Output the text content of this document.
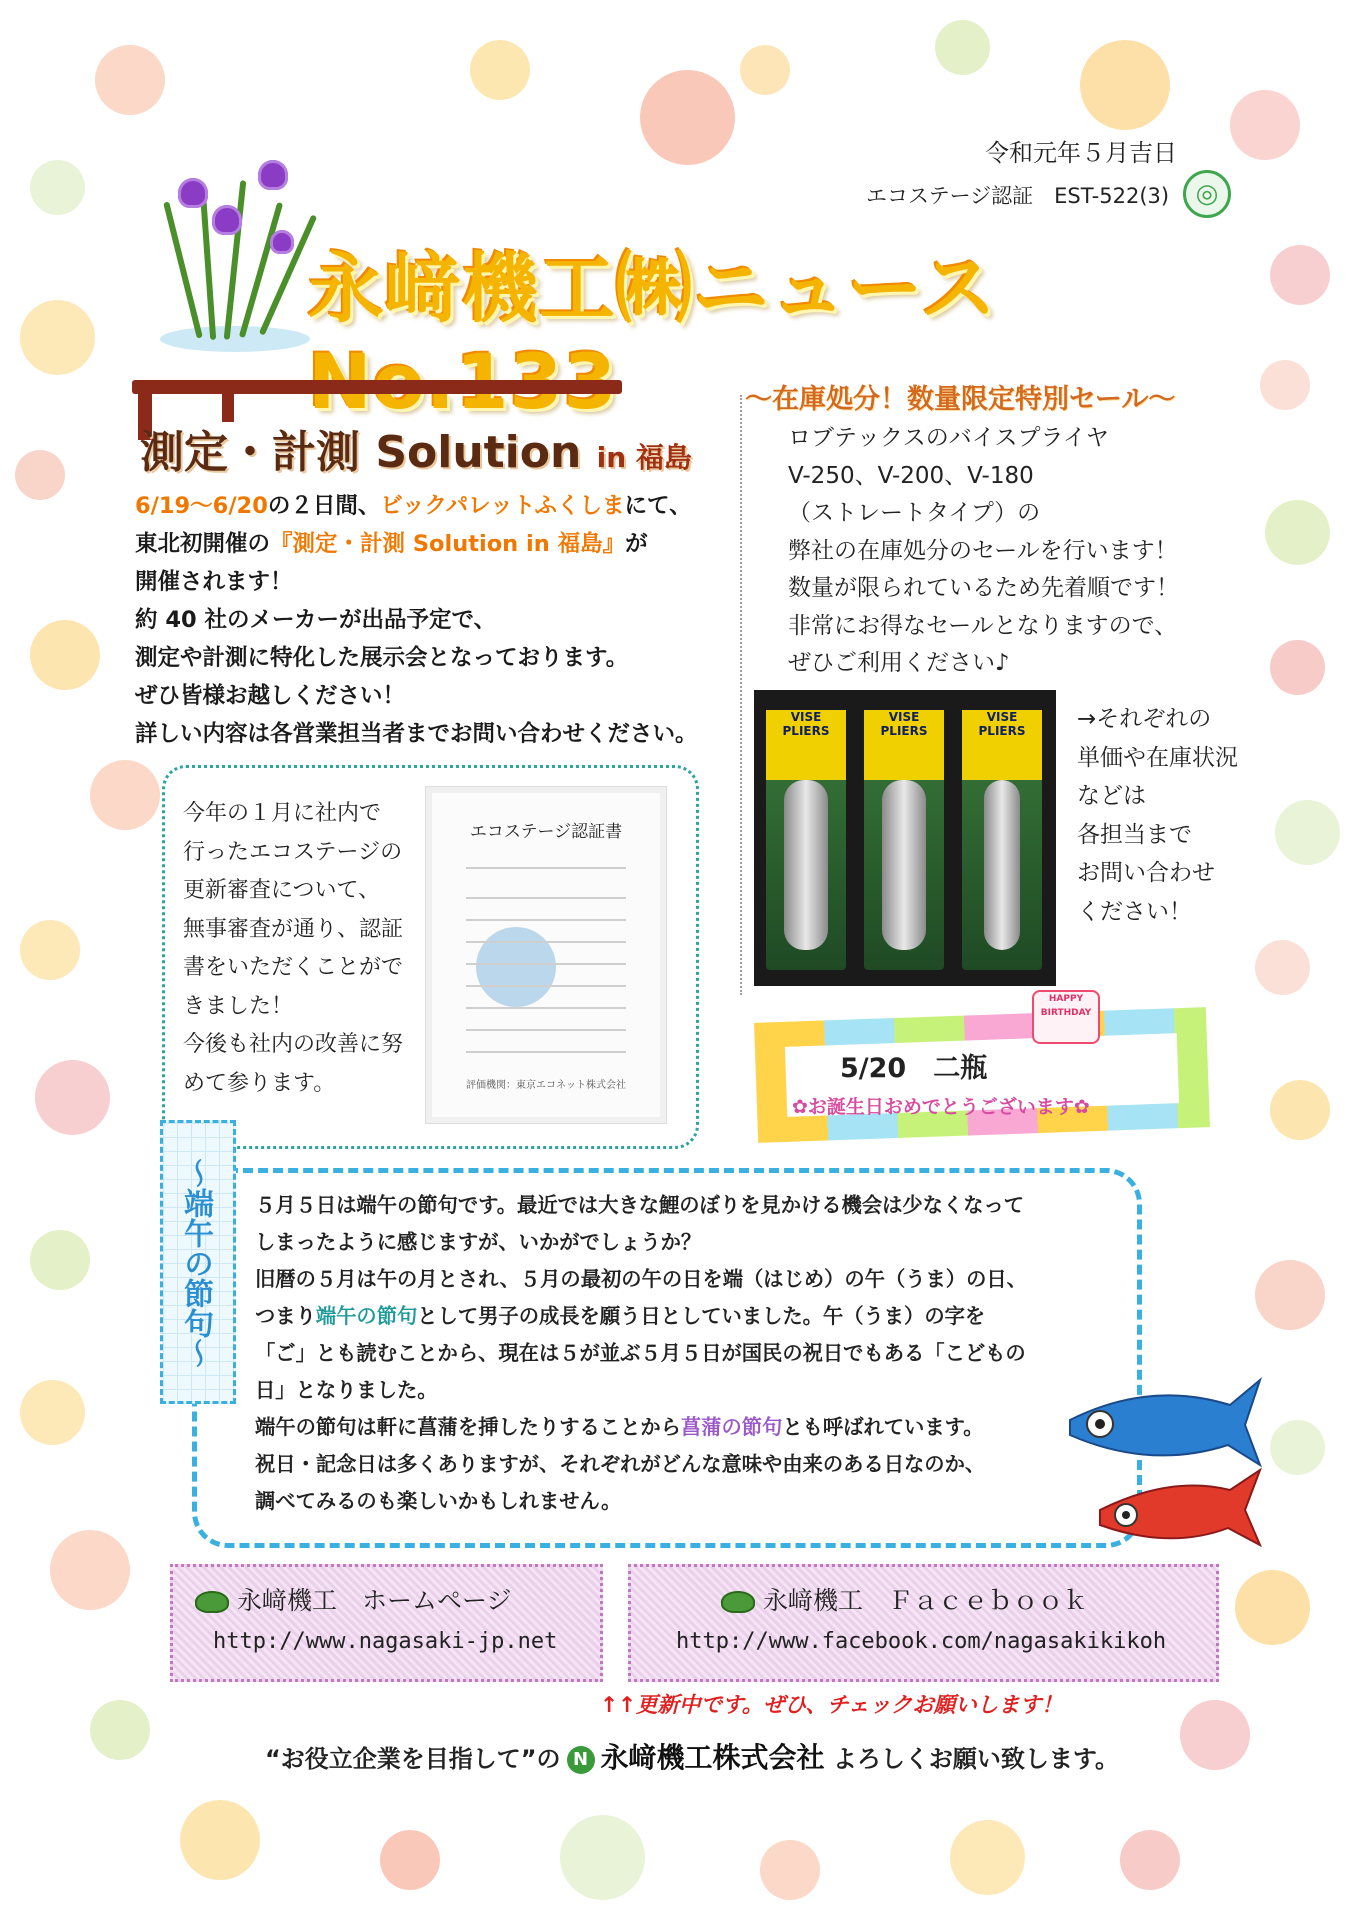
令和元年５月吉日
エコステージ認証　EST-522(3)	◎
永﨑機工㈱ニュース　
測定・計測 Solution in 福島
6/19～6/20の２日間、ビックパレットふくしまにて、
東北初開催の『測定・計測 Solution in 福島』が
開催されます！
約 40 社のメーカーが出品予定で、
測定や計測に特化した展示会となっております。
ぜひ皆様お越しください！
詳しい内容は各営業担当者までお問い合わせください。
～在庫処分！数量限定特別セール～
ロブテックスのバイスプライヤ
V-250、V-200、V-180
（ストレートタイプ）の
弊社の在庫処分のセールを行います！
数量が限られているため先着順です！
非常にお得なセールとなりますので、
ぜひご利用ください♪
VISE PLIERS
VISE PLIERS
VISE PLIERS	→それぞれの
単価や在庫状況
などは
各担当まで
お問い合わせ
ください！
今年の１月に社内で
行ったエコステージの
更新審査について、
無事審査が通り、認証
書をいただくことがで
きました！
今後も社内の改善に努
めて参ります。
エコステージ認証書
評価機関：東京エコネット株式会社
5/20　二瓶
✿お誕生日おめでとうございます✿
HAPPY BIRTHDAY
～端午の節句～	５月５日は端午の節句です。最近では大きな鯉のぼりを見かける機会は少なくなって
しまったように感じますが、いかがでしょうか？
旧暦の５月は午の月とされ、５月の最初の午の日を端（はじめ）の午（うま）の日、
つまり端午の節句として男子の成長を願う日としていました。午（うま）の字を
「ご」とも読むことから、現在は５が並ぶ５月５日が国民の祝日でもある「こどもの
日」となりました。
端午の節句は軒に菖蒲を挿したりすることから菖蒲の節句とも呼ばれています。
祝日・記念日は多くありますが、それぞれがどんな意味や由来のある日なのか、
調べてみるのも楽しいかもしれません。
永﨑機工　ホームページ
http://www.nagasaki-jp.net
永﨑機工　Ｆａｃｅｂｏｏｋ
http://www.facebook.com/nagasakikikoh
↑↑更新中です。ぜひ、チェックお願いします！
“お役立企業を目指して”の N 永﨑機工株式会社 よろしくお願い致します。
